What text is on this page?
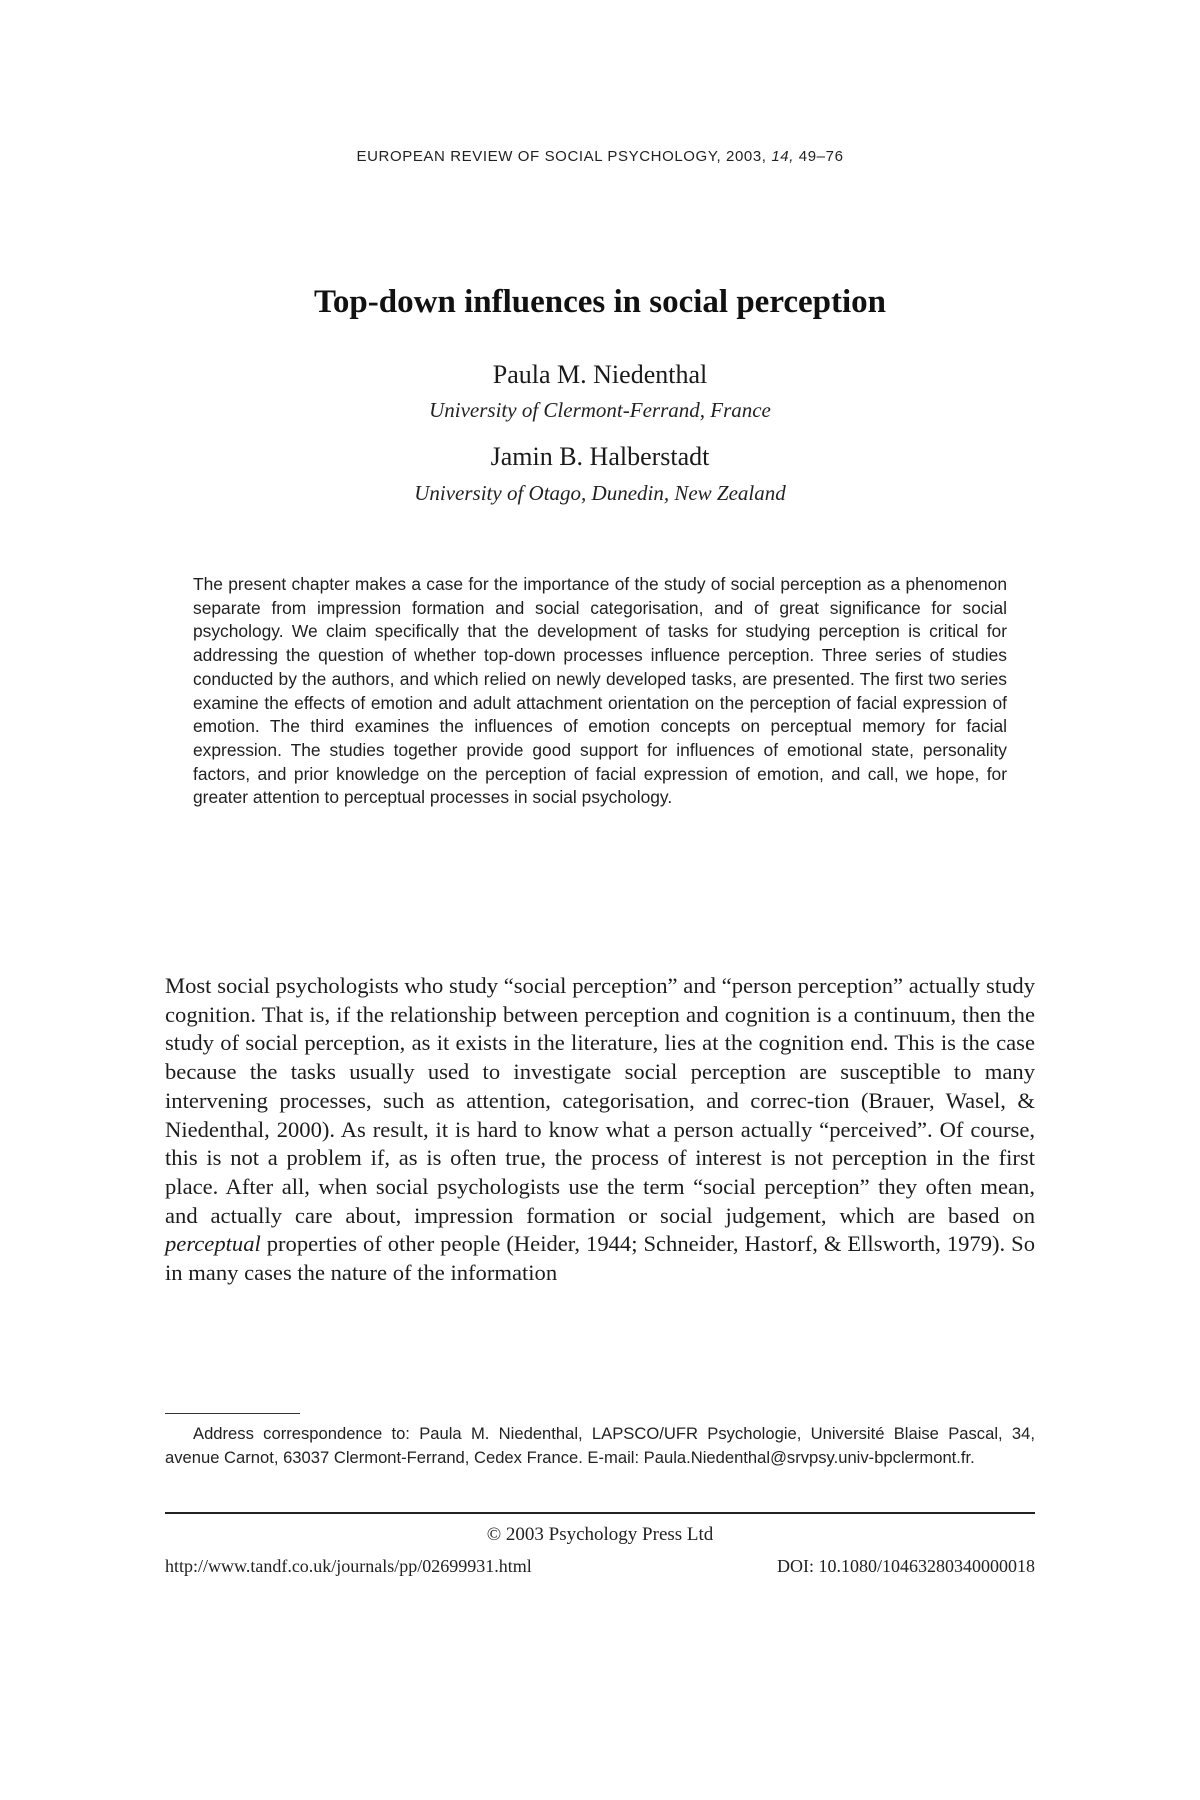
EUROPEAN REVIEW OF SOCIAL PSYCHOLOGY, 2003, 14, 49–76
Top-down influences in social perception
Paula M. Niedenthal
University of Clermont-Ferrand, France
Jamin B. Halberstadt
University of Otago, Dunedin, New Zealand
The present chapter makes a case for the importance of the study of social perception as a phenomenon separate from impression formation and social categorisation, and of great significance for social psychology. We claim specifically that the development of tasks for studying perception is critical for addressing the question of whether top-down processes influence perception. Three series of studies conducted by the authors, and which relied on newly developed tasks, are presented. The first two series examine the effects of emotion and adult attachment orientation on the perception of facial expression of emotion. The third examines the influences of emotion concepts on perceptual memory for facial expression. The studies together provide good support for influences of emotional state, personality factors, and prior knowledge on the perception of facial expression of emotion, and call, we hope, for greater attention to perceptual processes in social psychology.
Most social psychologists who study “social perception” and “person perception” actually study cognition. That is, if the relationship between perception and cognition is a continuum, then the study of social perception, as it exists in the literature, lies at the cognition end. This is the case because the tasks usually used to investigate social perception are susceptible to many intervening processes, such as attention, categorisation, and correc-tion (Brauer, Wasel, & Niedenthal, 2000). As result, it is hard to know what a person actually “perceived”. Of course, this is not a problem if, as is often true, the process of interest is not perception in the first place. After all, when social psychologists use the term “social perception” they often mean, and actually care about, impression formation or social judgement, which are based on perceptual properties of other people (Heider, 1944; Schneider, Hastorf, & Ellsworth, 1979). So in many cases the nature of the information
Address correspondence to: Paula M. Niedenthal, LAPSCO/UFR Psychologie, Université Blaise Pascal, 34, avenue Carnot, 63037 Clermont-Ferrand, Cedex France. E-mail: Paula.Niedenthal@srvpsy.univ-bpclermont.fr.
© 2003 Psychology Press Ltd
http://www.tandf.co.uk/journals/pp/02699931.html	DOI: 10.1080/10463280340000018
